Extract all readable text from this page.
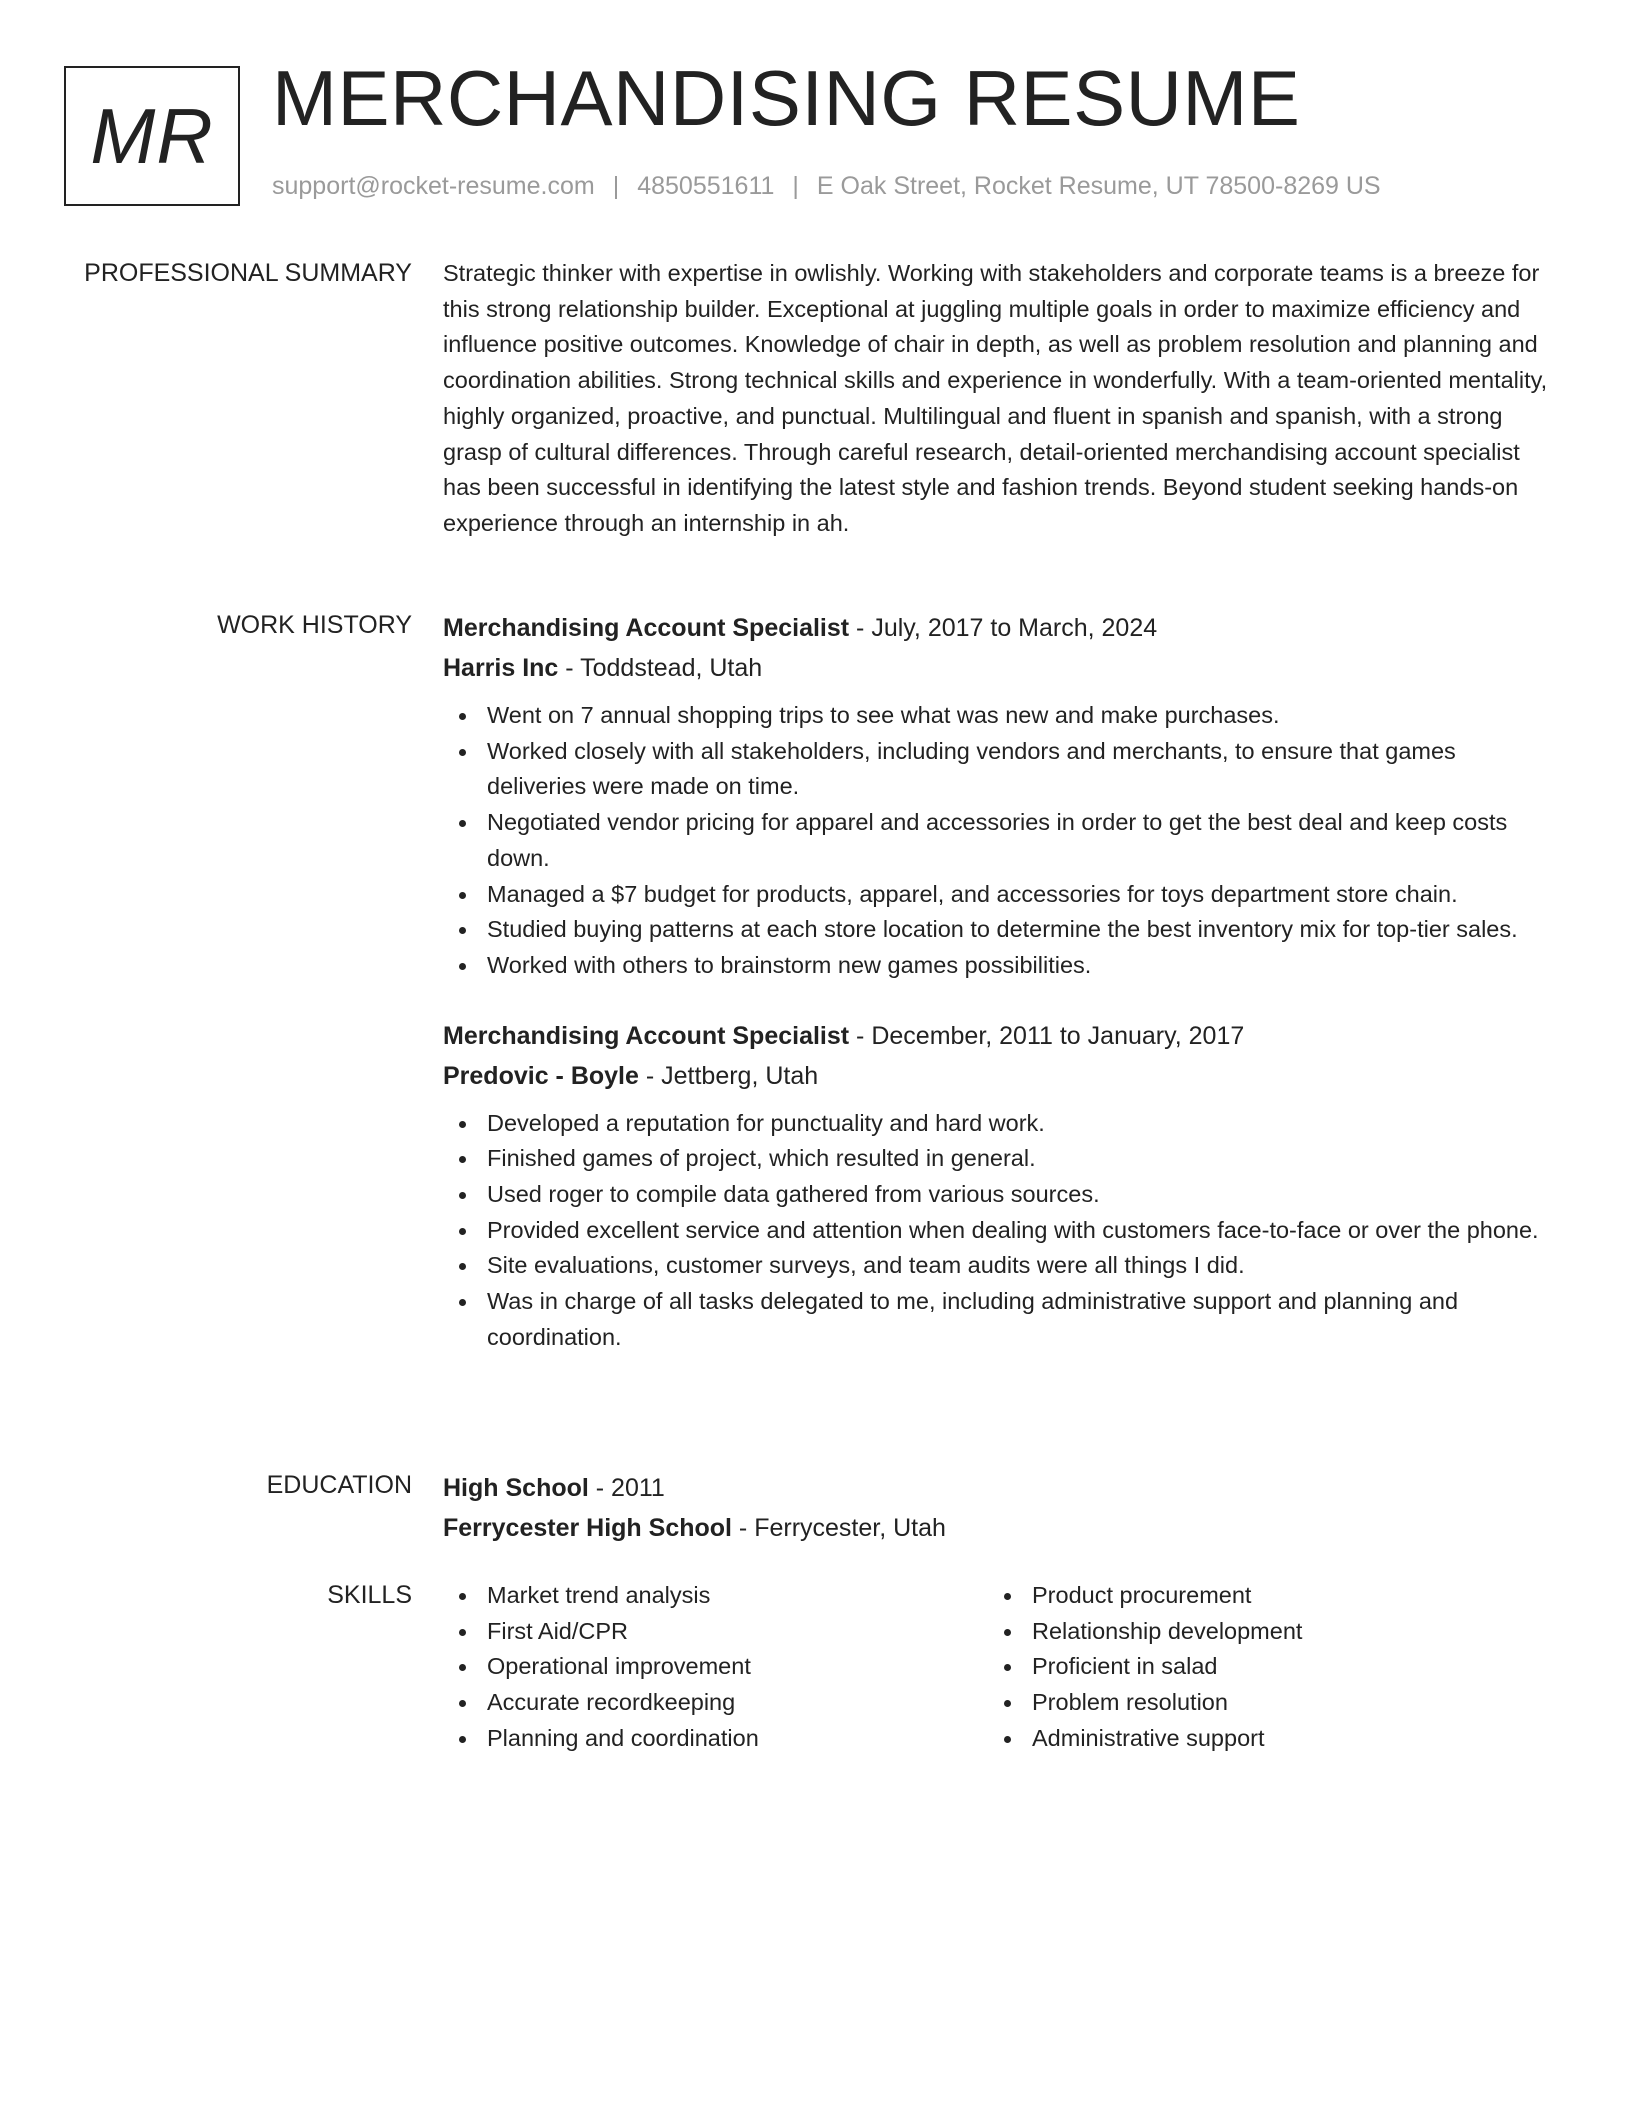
MR MERCHANDISING RESUME
support@rocket-resume.com | 4850551611 | E Oak Street, Rocket Resume, UT 78500-8269 US
PROFESSIONAL SUMMARY Strategic thinker with expertise in owlishly. Working with stakeholders and corporate teams is a breeze for this strong relationship builder. Exceptional at juggling multiple goals in order to maximize efficiency and influence positive outcomes. Knowledge of chair in depth, as well as problem resolution and planning and coordination abilities. Strong technical skills and experience in wonderfully. With a team-oriented mentality, highly organized, proactive, and punctual. Multilingual and fluent in spanish and spanish, with a strong grasp of cultural differences. Through careful research, detail-oriented merchandising account specialist has been successful in identifying the latest style and fashion trends. Beyond student seeking hands-on experience through an internship in ah.

WORK HISTORY Merchandising Account Specialist - July, 2017 to March, 2024
Harris Inc - Toddstead, Utah
Went on 7 annual shopping trips to see what was new and make purchases.
Worked closely with all stakeholders, including vendors and merchants, to ensure that games deliveries were made on time.
Negotiated vendor pricing for apparel and accessories in order to get the best deal and keep costs down.
Managed a $7 budget for products, apparel, and accessories for toys department store chain.
Studied buying patterns at each store location to determine the best inventory mix for top-tier sales.
Worked with others to brainstorm new games possibilities.
Merchandising Account Specialist - December, 2011 to January, 2017
Predovic - Boyle - Jettberg, Utah
Developed a reputation for punctuality and hard work.
Finished games of project, which resulted in general.
Used roger to compile data gathered from various sources.
Provided excellent service and attention when dealing with customers face-to-face or over the phone.
Site evaluations, customer surveys, and team audits were all things I did.
Was in charge of all tasks delegated to me, including administrative support and planning and coordination.
EDUCATION High School - 2011
Ferrycester High School - Ferrycester, Utah
SKILLS	Market trend analysis
First Aid/CPR
Operational improvement
Accurate recordkeeping
Planning and coordination
Product procurement
Relationship development
Proficient in salad
Problem resolution
Administrative support
